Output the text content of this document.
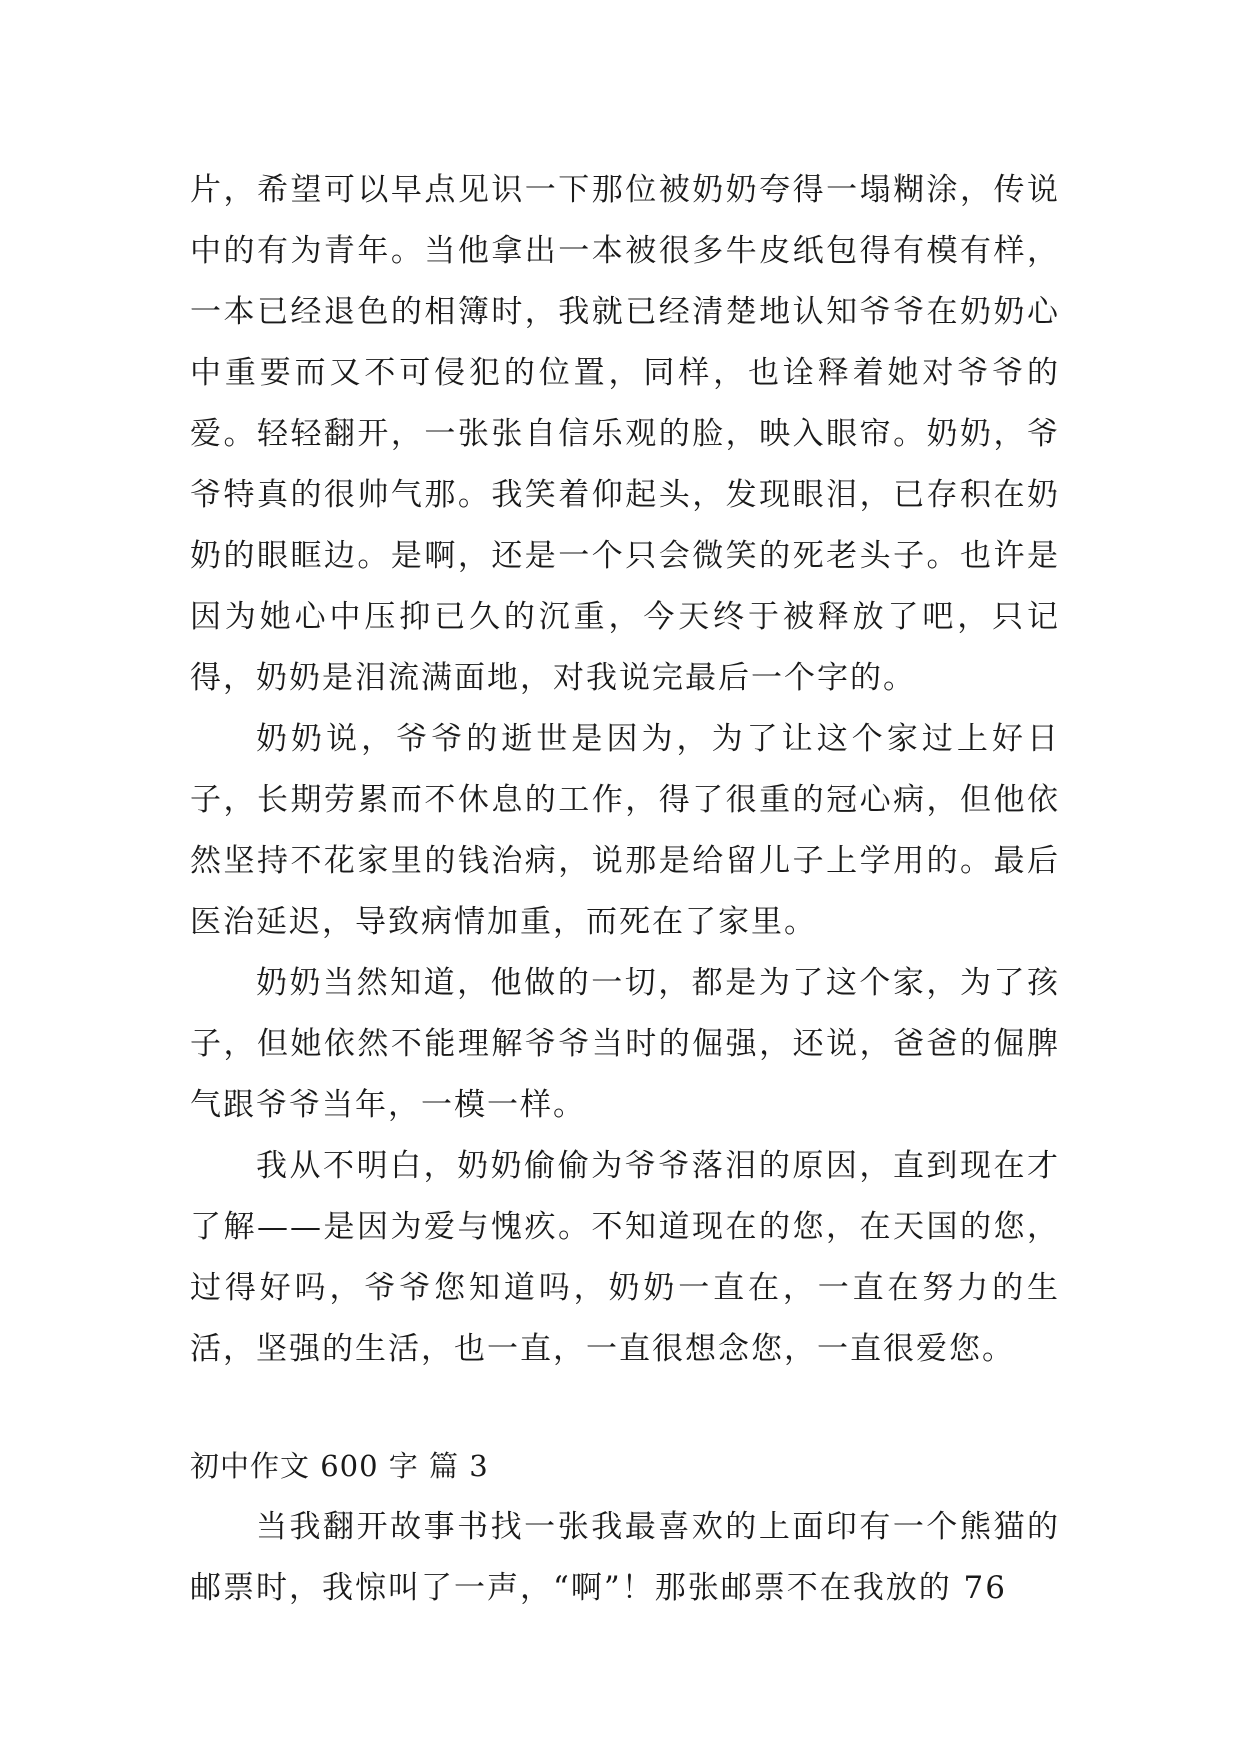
片，希望可以早点见识一下那位被奶奶夸得一塌糊涂，传说中的有为青年。当他拿出一本被很多牛皮纸包得有模有样，一本已经退色的相簿时，我就已经清楚地认知爷爷在奶奶心中重要而又不可侵犯的位置，同样，也诠释着她对爷爷的爱。轻轻翻开，一张张自信乐观的脸，映入眼帘。奶奶，爷爷特真的很帅气那。我笑着仰起头，发现眼泪，已存积在奶奶的眼眶边。是啊，还是一个只会微笑的死老头子。也许是因为她心中压抑已久的沉重，今天终于被释放了吧，只记得，奶奶是泪流满面地，对我说完最后一个字的。

奶奶说，爷爷的逝世是因为，为了让这个家过上好日子，长期劳累而不休息的工作，得了很重的冠心病，但他依然坚持不花家里的钱治病，说那是给留儿子上学用的。最后医治延迟，导致病情加重，而死在了家里。

奶奶当然知道，他做的一切，都是为了这个家，为了孩子，但她依然不能理解爷爷当时的倔强，还说，爸爸的倔脾气跟爷爷当年，一模一样。

我从不明白，奶奶偷偷为爷爷落泪的原因，直到现在才了解——是因为爱与愧疚。不知道现在的您，在天国的您，过得好吗，爷爷您知道吗，奶奶一直在，一直在努力的生活，坚强的生活，也一直，一直很想念您，一直很爱您。

初中作文 600 字 篇 3

当我翻开故事书找一张我最喜欢的上面印有一个熊猫的邮票时，我惊叫了一声，“啊”！那张邮票不在我放的 76
